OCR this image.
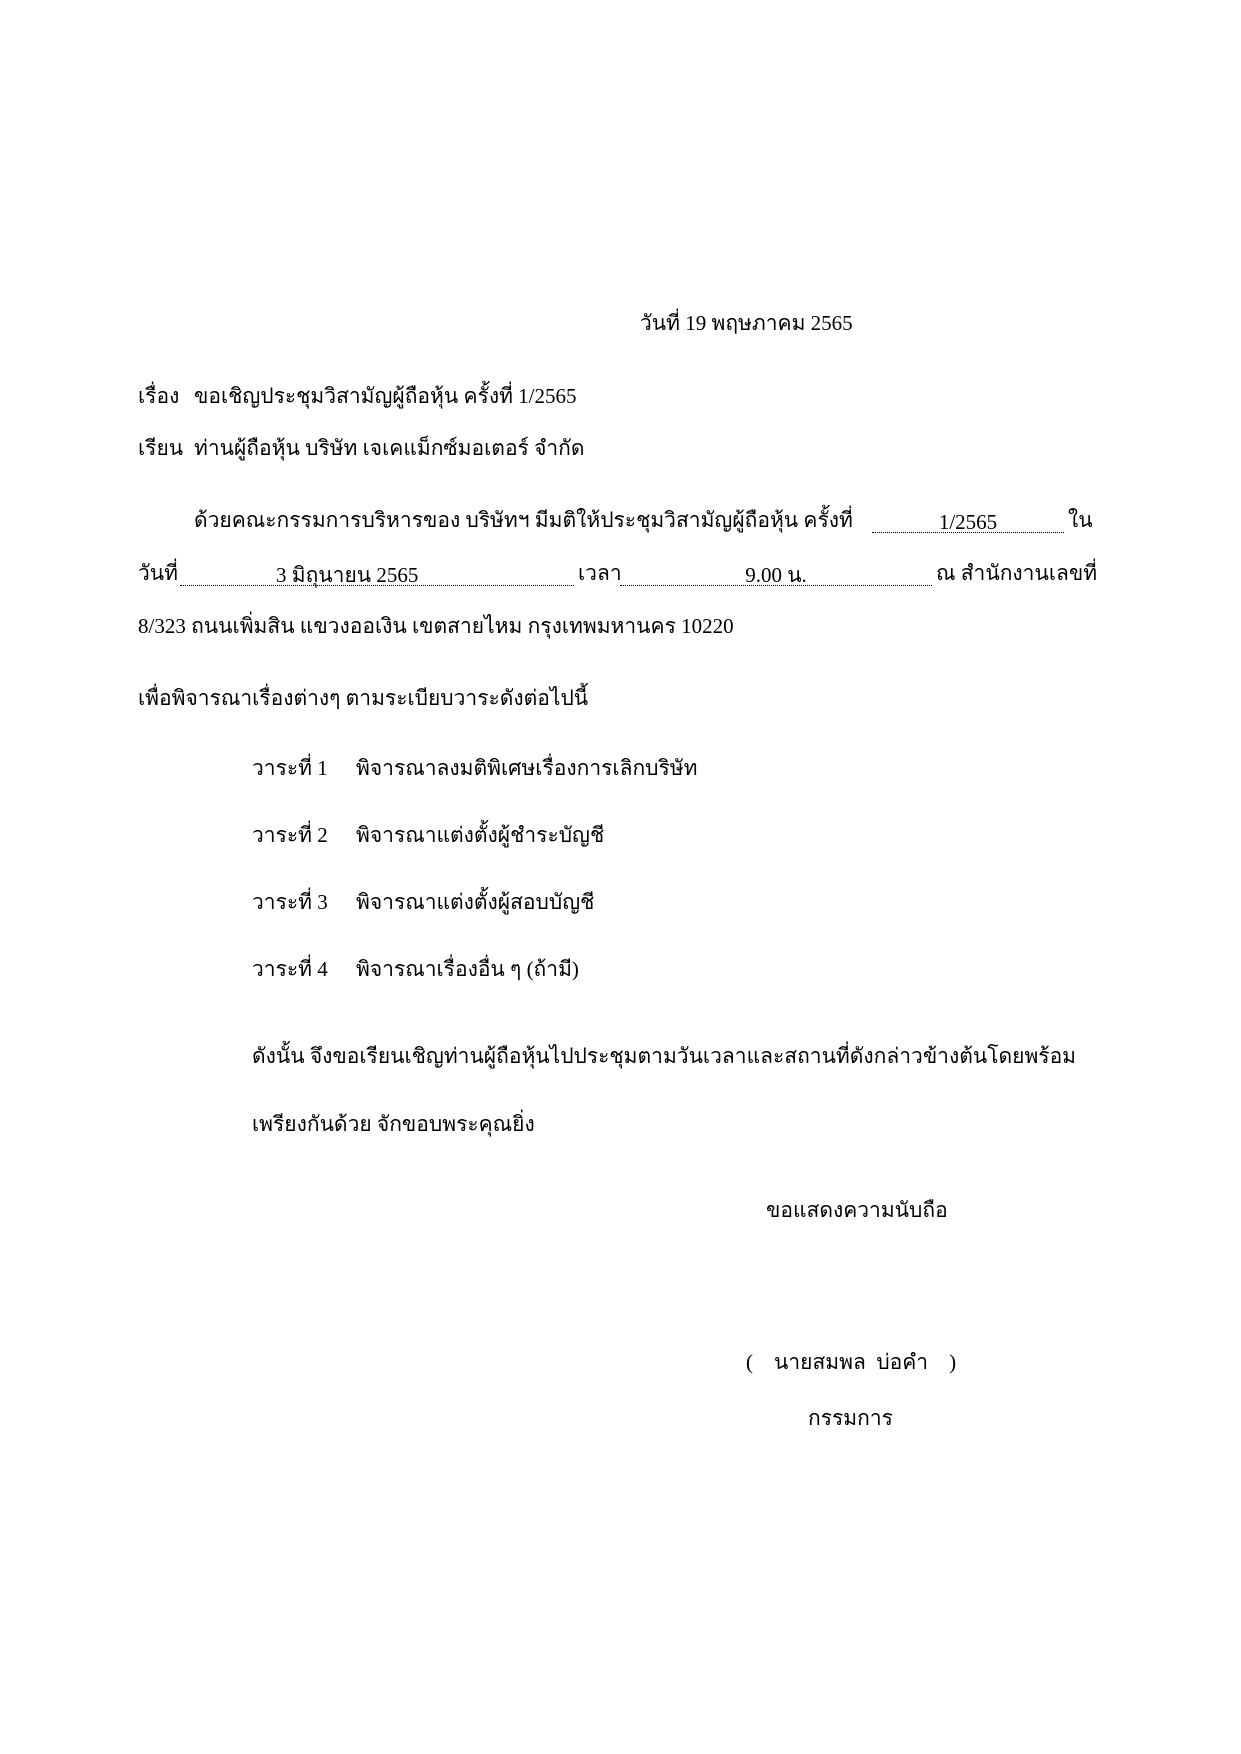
วันที่ 19 พฤษภาคม 2565
เรื่อง ขอเชิญประชุมวิสามัญผู้ถือหุ้น ครั้งที่ 1/2565
เรียน ท่านผู้ถือหุ้น บริษัท เจเคแม็กซ์มอเตอร์ จำกัด
ด้วยคณะกรรมการบริหารของ บริษัทฯ มีมติให้ประชุมวิสามัญผู้ถือหุ้น ครั้งที่	1/2565	ใน
วันที่	3 มิถุนายน 2565	เวลา	9.00 น.	ณ สำนักงานเลขที่
8/323 ถนนเพิ่มสิน แขวงออเงิน เขตสายไหม กรุงเทพมหานคร 10220
เพื่อพิจารณาเรื่องต่างๆ ตามระเบียบวาระดังต่อไปนี้
วาระที่ 1 พิจารณาลงมติพิเศษเรื่องการเลิกบริษัท
วาระที่ 2 พิจารณาแต่งตั้งผู้ชำระบัญชี
วาระที่ 3 พิจารณาแต่งตั้งผู้สอบบัญชี
วาระที่ 4 พิจารณาเรื่องอื่น ๆ (ถ้ามี)
ดังนั้น จึงขอเรียนเชิญท่านผู้ถือหุ้นไปประชุมตามวันเวลาและสถานที่ดังกล่าวข้างต้นโดยพร้อม
เพรียงกันด้วย จักขอบพระคุณยิ่ง
ขอแสดงความนับถือ
(    นายสมพล  บ่อคำ    )
กรรมการ
